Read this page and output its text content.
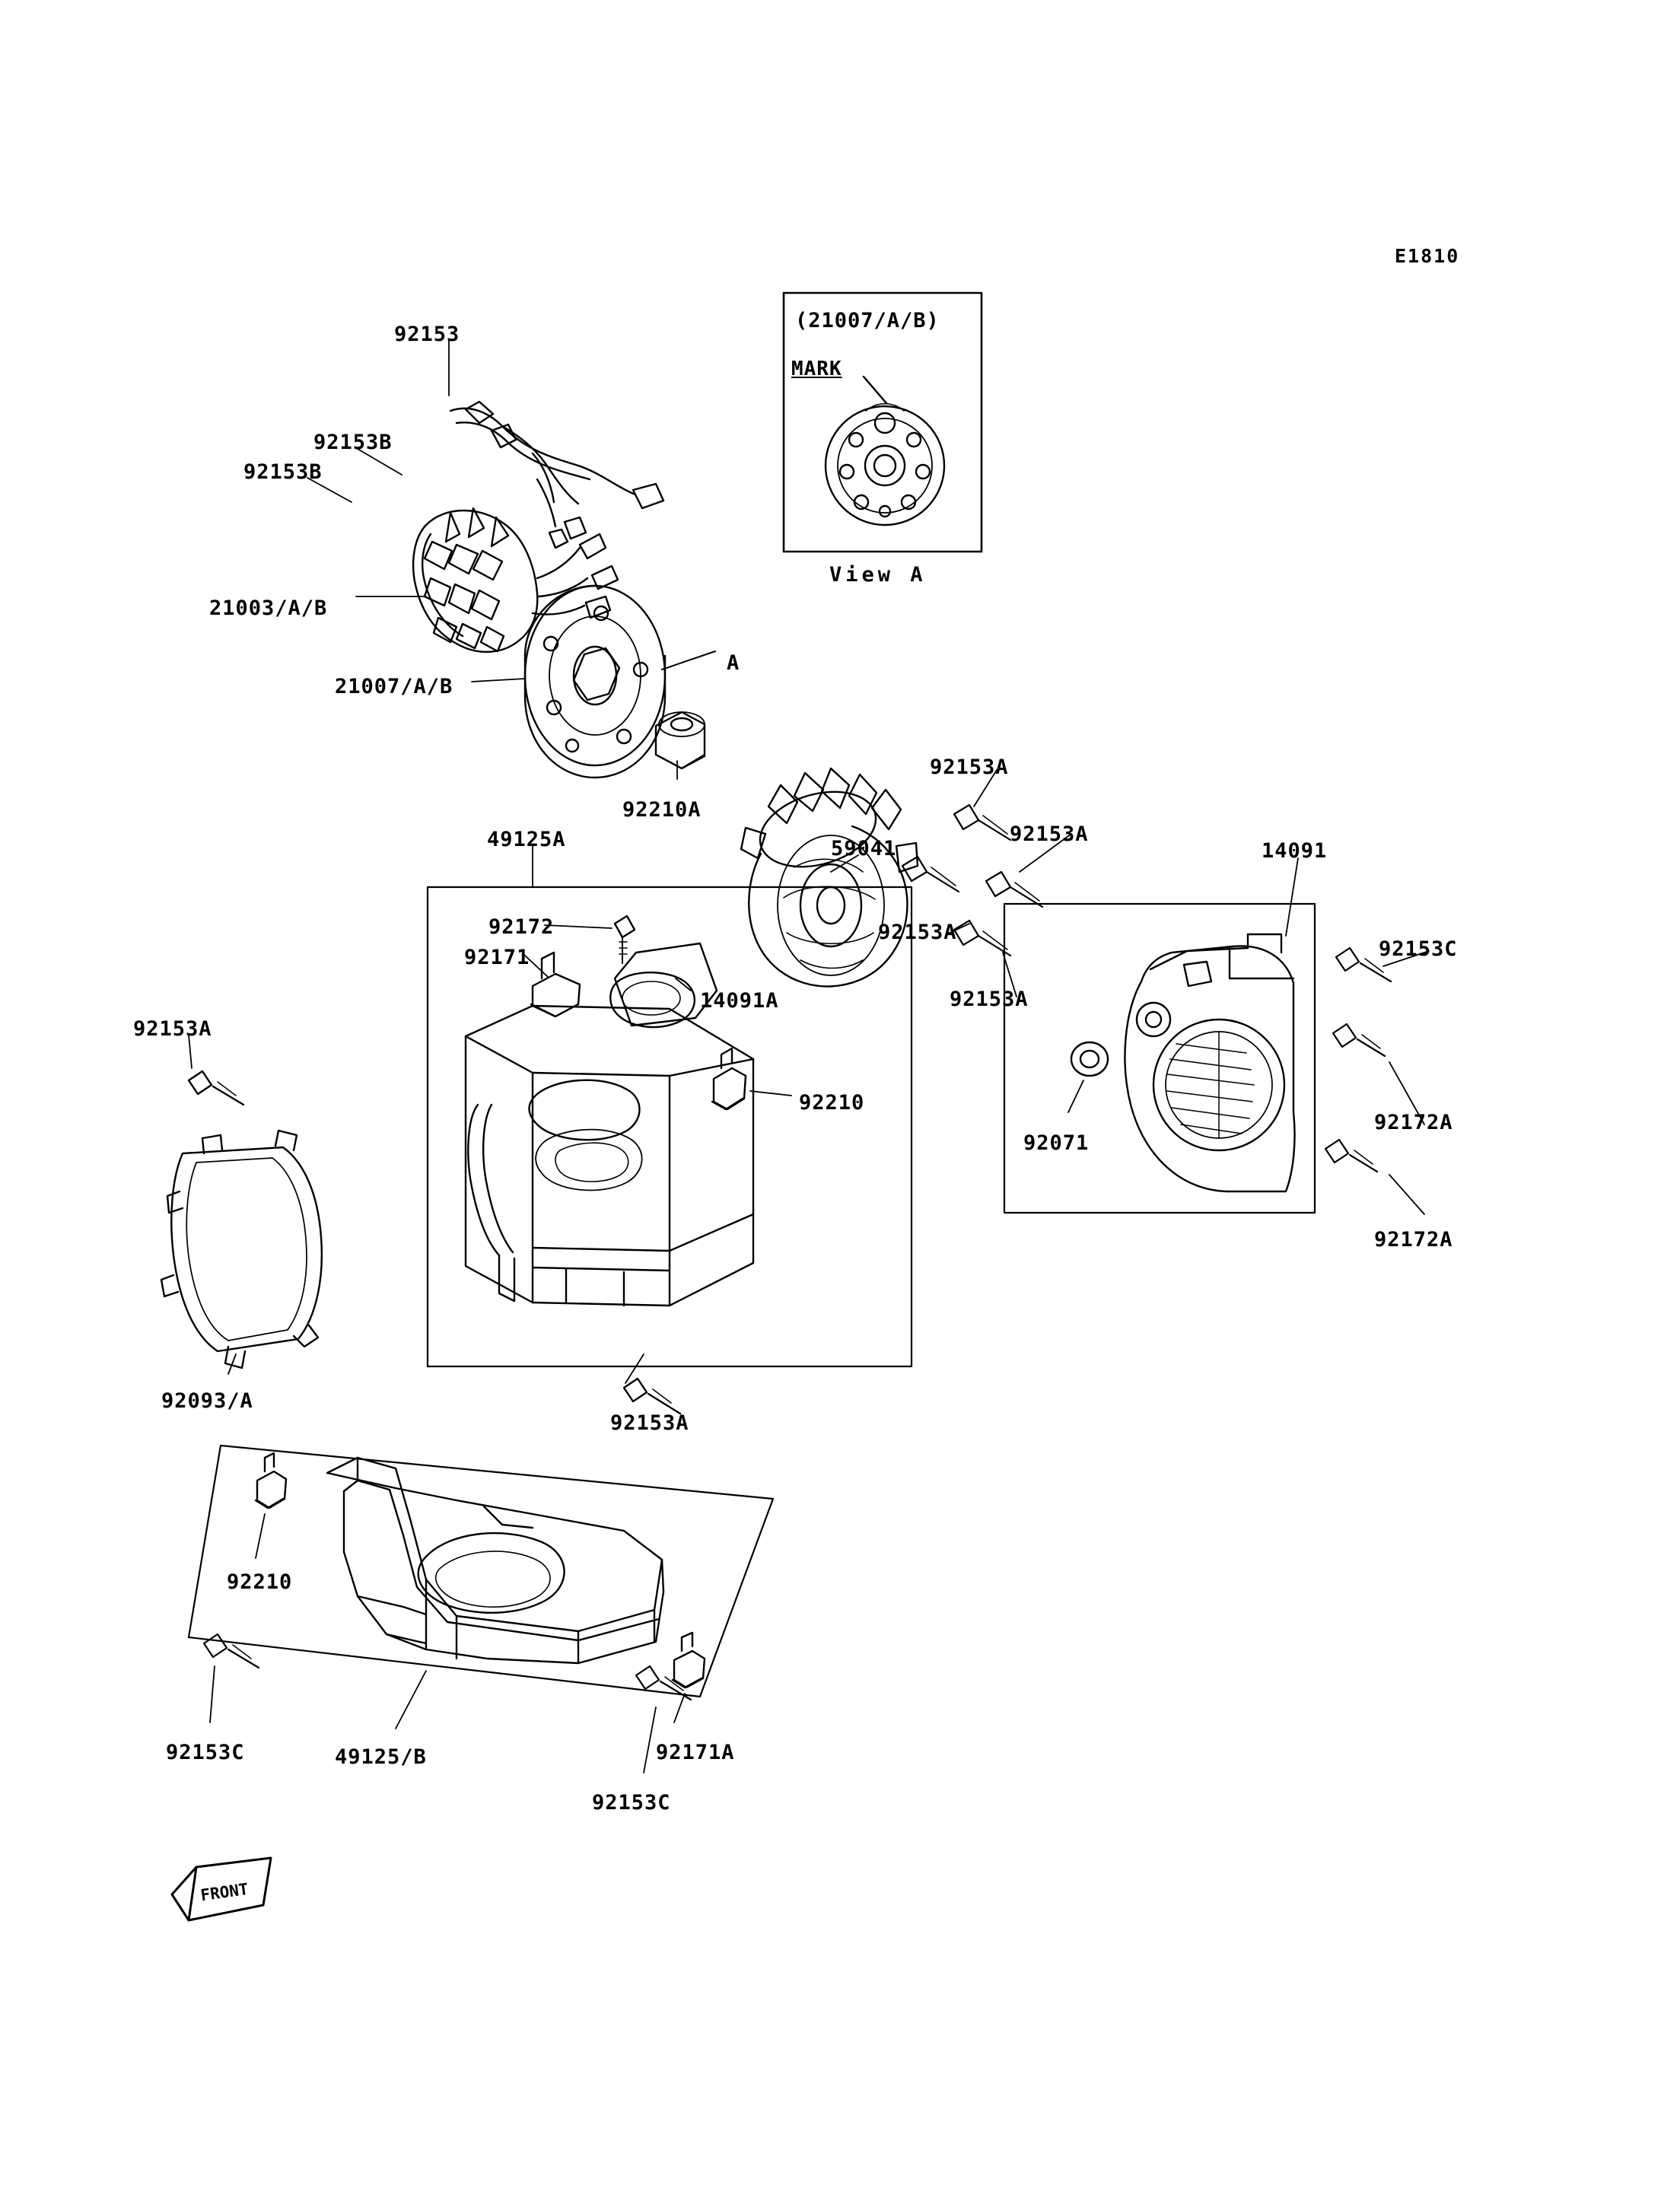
FRONT
E1810
(21007/A/B)
MARK
View A
92153
92153B
92153B
21003/A/B
21007/A/B
A
92210A
59041
92153A
92153A
92153A
92153A
14091
92153C
92172A
92172A
92071
49125A
92172
92171
14091A
92210
92153A
92093/A
92153A
92210
92153C	49125/B	92171A
92153C
